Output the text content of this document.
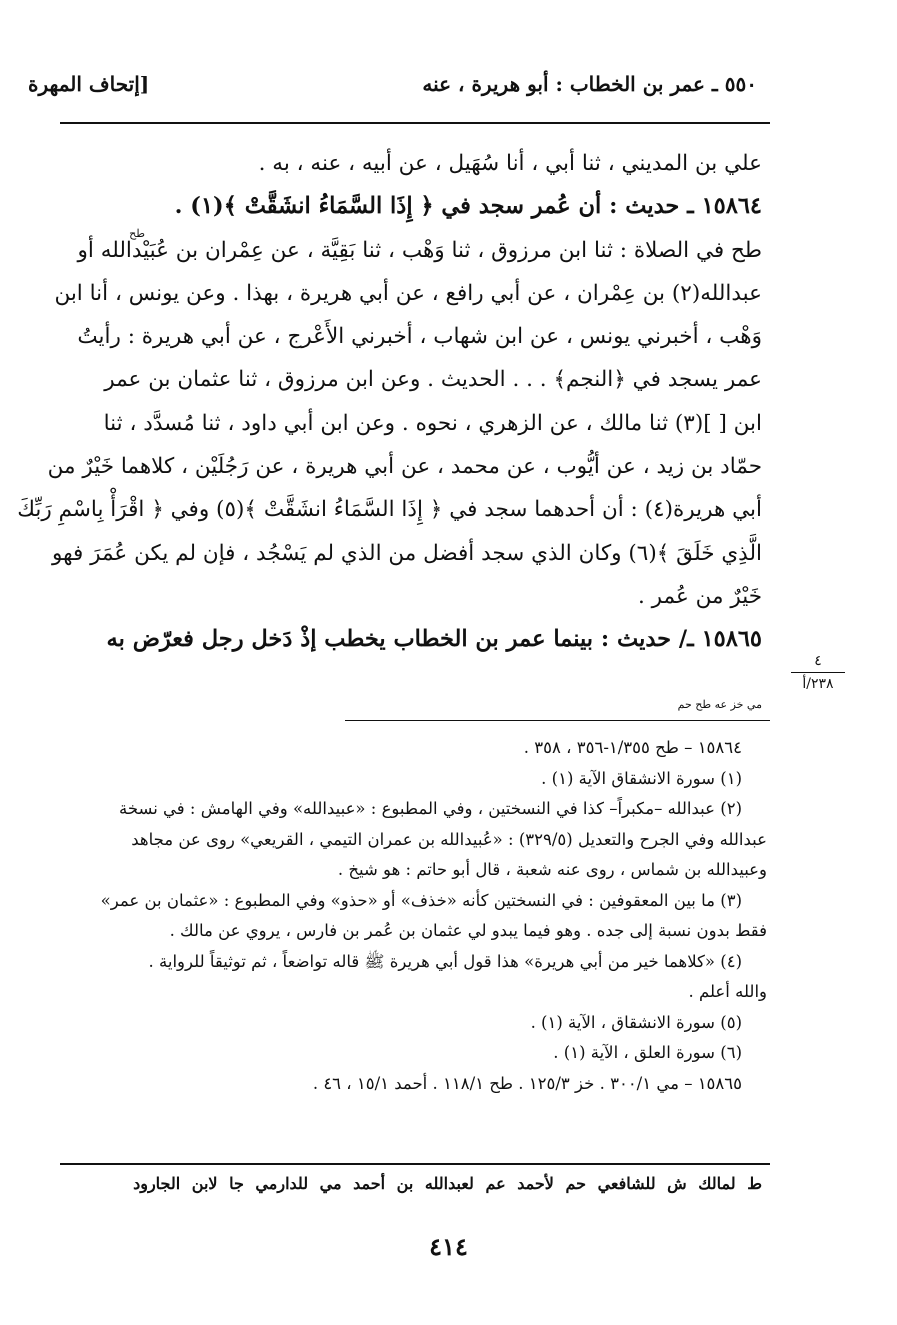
٥٥٠ ـ عمر بن الخطاب : أبو هريرة ، عنه
[إتحاف المهرة
علي بن المديني ، ثنا أبي ، أنا سُهَيل ، عن أبيه ، عنه ، به .
١٥٨٦٤ ـ حديث : أن عُمر سجد في ﴿ إِذَا السَّمَاءُ انشَقَّتْ ﴾(١) .
طح في الصلاة : ثنا ابن مرزوق ، ثنا وَهْب ، ثنا بَقِيَّة ، عن عِمْران بن عُبَيْدالله أو
عبدالله(٢) بن عِمْران ، عن أبي رافع ، عن أبي هريرة ، بهذا . وعن يونس ، أنا ابن
وَهْب ، أخبرني يونس ، عن ابن شهاب ، أخبرني الأَعْرج ، عن أبي هريرة : رأيتُ
عمر يسجد في ﴿النجم﴾ . . . الحديث . وعن ابن مرزوق ، ثنا عثمان بن عمر
ابن [ ](٣) ثنا مالك ، عن الزهري ، نحوه . وعن ابن أبي داود ، ثنا مُسدَّد ، ثنا
حمّاد بن زيد ، عن أيُّوب ، عن محمد ، عن أبي هريرة ، عن رَجُلَيْن ، كلاهما خَيْرٌ من
أبي هريرة(٤) : أن أحدهما سجد في ﴿ إِذَا السَّمَاءُ انشَقَّتْ ﴾(٥) وفي ﴿ اقْرَأْ بِاسْمِ رَبِّكَ
الَّذِي خَلَقَ ﴾(٦) وكان الذي سجد أفضل من الذي لم يَسْجُد ، فإن لم يكن عُمَرَ فهو
خَيْرٌ من عُمر .
١٥٨٦٥ ـ/ حديث : بينما عمر بن الخطاب يخطب إذْ دَخل رجل فعرّض به
مي خز عه طح حم
طح
٤
٢٣٨/أ
١٥٨٦٤ – طح ١/٣٥٥-٣٥٦ ، ٣٥٨ .
(١) سورة الانشقاق الآية (١) .
(٢) عبدالله –مكبراً– كذا في النسختين ، وفي المطبوع : «عبيدالله» وفي الهامش : في نسخة
عبدالله وفي الجرح والتعديل (٣٢٩/٥) : «عُبيدالله بن عمران التيمي ، القريعي» روى عن مجاهد
وعبيدالله بن شماس ، روى عنه شعبة ، قال أبو حاتم : هو شيخ .
(٣) ما بين المعقوفين : في النسختين كأنه «خذف» أو «حذو» وفي المطبوع : «عثمان بن عمر»
فقط بدون نسبة إلى جده . وهو فيما يبدو لي عثمان بن عُمر بن فارس ، يروي عن مالك .
(٤) «كلاهما خير من أبي هريرة» هذا قول أبي هريرة ﷺ قاله تواضعاً ، ثم توثيقاً للرواية .
والله أعلم .
(٥) سورة الانشقاق ، الآية (١) .
(٦) سورة العلق ، الآية (١) .
١٥٨٦٥ – مي ٣٠٠/١ . خز ١٢٥/٣ . طح ١١٨/١ . أحمد ١٥/١ ، ٤٦ .
ط لمالك ش للشافعي حم لأحمد عم لعبدالله بن أحمد مي للدارمي جا لابن الجارود
٤١٤
